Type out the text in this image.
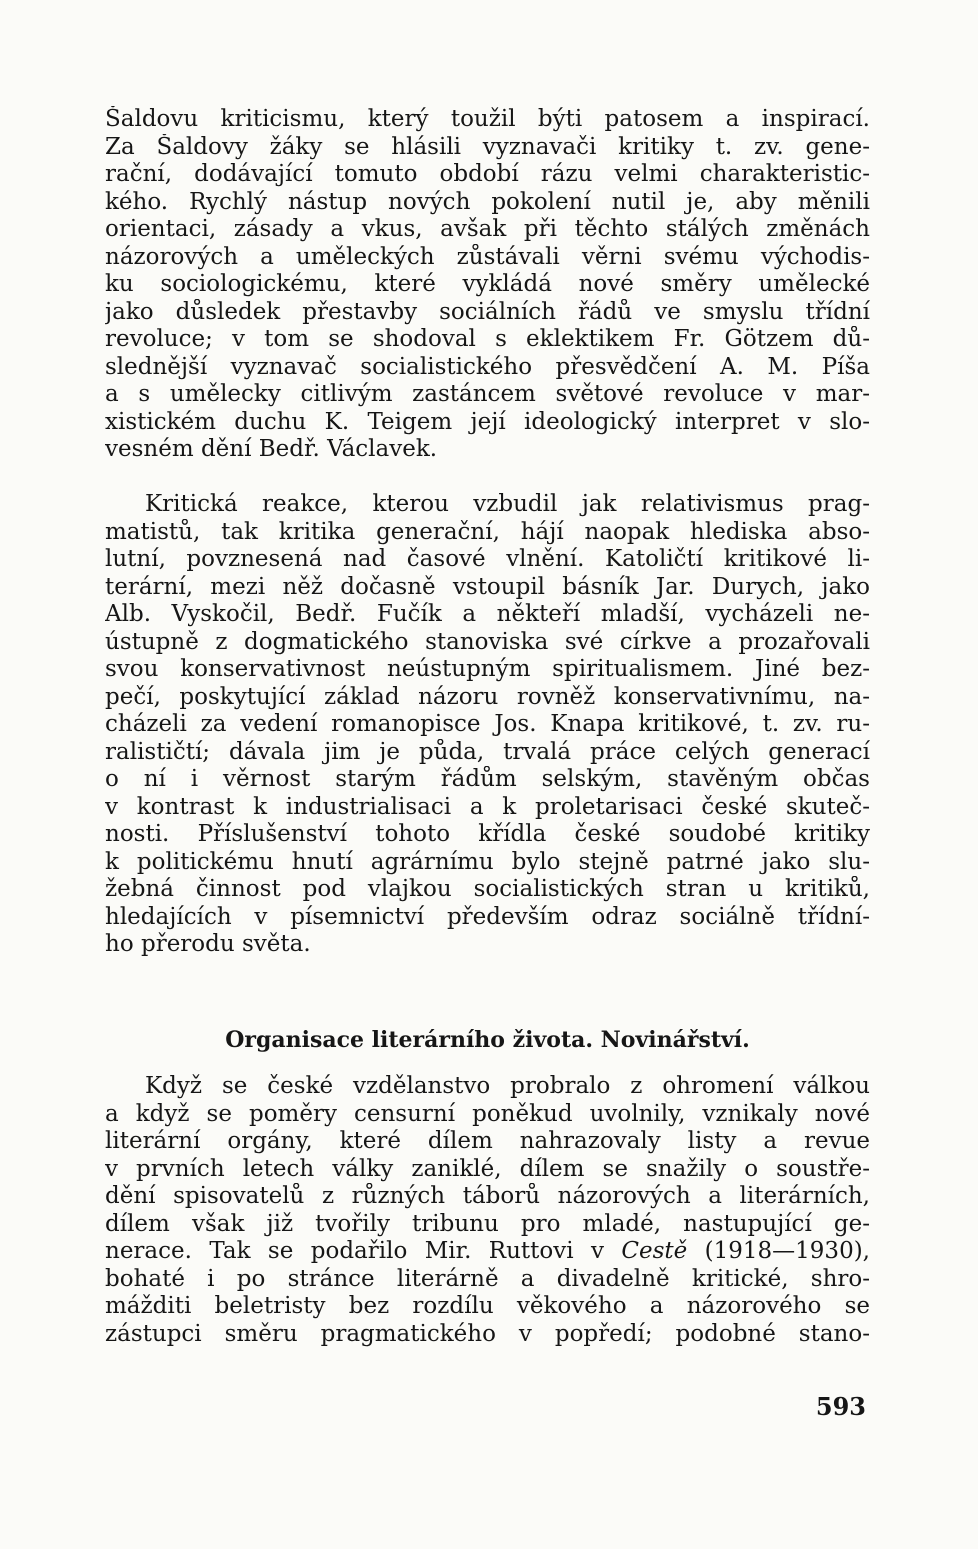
Šaldovu kriticismu, který toužil býti patosem a inspirací.
Za Šaldovy žáky se hlásili vyznavači kritiky t. zv. gene-
rační, dodávající tomuto období rázu velmi charakteristic-
kého. Rychlý nástup nových pokolení nutil je, aby měnili
orientaci, zásady a vkus, avšak při těchto stálých změnách
názorových a uměleckých zůstávali věrni svému východis-
ku sociologickému, které vykládá nové směry umělecké
jako důsledek přestavby sociálních řádů ve smyslu třídní
revoluce; v tom se shodoval s eklektikem Fr. Götzem dů-
slednější vyznavač socialistického přesvědčení A. M. Píša
a s umělecky citlivým zastáncem světové revoluce v mar-
xistickém duchu K. Teigem její ideologický interpret v slo-
vesném dění Bedř. Václavek.
Kritická reakce, kterou vzbudil jak relativismus prag-
matistů, tak kritika generační, hájí naopak hlediska abso-
lutní, povznesená nad časové vlnění. Katoličtí kritikové li-
terární, mezi něž dočasně vstoupil básník Jar. Durych, jako
Alb. Vyskočil, Bedř. Fučík a někteří mladší, vycházeli ne-
ústupně z dogmatického stanoviska své církve a prozařovali
svou konservativnost neústupným spiritualismem. Jiné bez-
pečí, poskytující základ názoru rovněž konservativnímu, na-
cházeli za vedení romanopisce Jos. Knapa kritikové, t. zv. ru-
ralističtí; dávala jim je půda, trvalá práce celých generací
o ní i věrnost starým řádům selským, stavěným občas
v kontrast k industrialisaci a k proletarisaci české skuteč-
nosti. Příslušenství tohoto křídla české soudobé kritiky
k politickému hnutí agrárnímu bylo stejně patrné jako slu-
žebná činnost pod vlajkou socialistických stran u kritiků,
hledajících v písemnictví především odraz sociálně třídní-
ho přerodu světa.
Organisace literárního života. Novinářství.
Když se české vzdělanstvo probralo z ohromení válkou
a když se poměry censurní poněkud uvolnily, vznikaly nové
literární orgány, které dílem nahrazovaly listy a revue
v prvních letech války zaniklé, dílem se snažily o soustře-
dění spisovatelů z různých táborů názorových a literárních,
dílem však již tvořily tribunu pro mladé, nastupující ge-
nerace. Tak se podařilo Mir. Ruttovi v Cestě (1918—1930),
bohaté i po stránce literárně a divadelně kritické, shro-
mážditi beletristy bez rozdílu věkového a názorového se
zástupci směru pragmatického v popředí; podobné stano-
593
